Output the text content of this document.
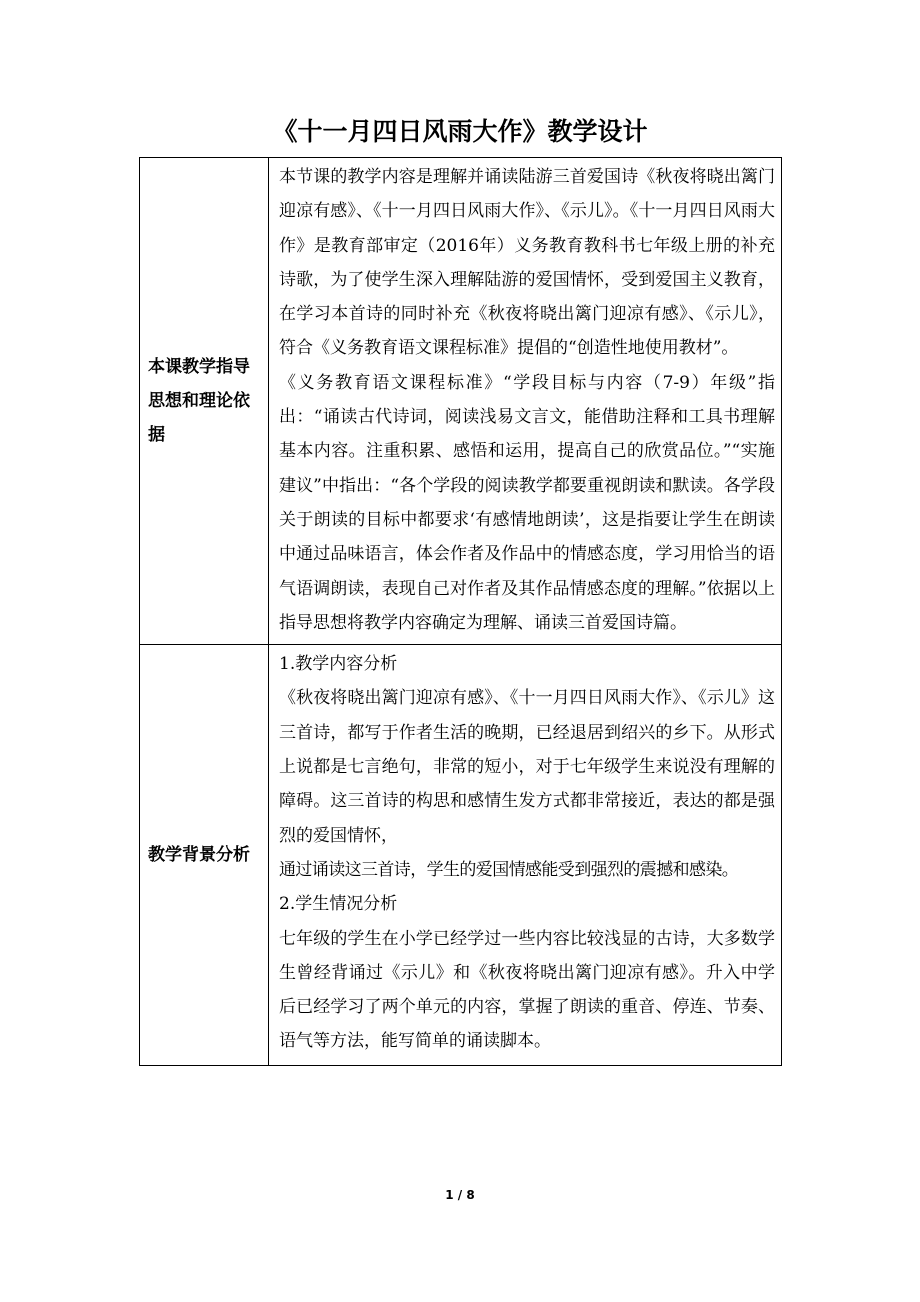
《十一月四日风雨大作》教学设计
本课教学指导思想和理论依据	本节课的教学内容是理解并诵读陆游三首爱国诗《秋夜将晓出篱门迎凉有感》、《十一月四日风雨大作》、《示儿》。《十一月四日风雨大作》是教育部审定（2016年）义务教育教科书七年级上册的补充诗歌，为了使学生深入理解陆游的爱国情怀，受到爱国主义教育，在学习本首诗的同时补充《秋夜将晓出篱门迎凉有感》、《示儿》，符合《义务教育语文课程标准》提倡的“创造性地使用教材”。
《义务教育语文课程标准》“学段目标与内容（7-9）年级”指出：“诵读古代诗词，阅读浅易文言文，能借助注释和工具书理解基本内容。注重积累、感悟和运用，提高自己的欣赏品位。”“实施建议”中指出：“各个学段的阅读教学都要重视朗读和默读。各学段关于朗读的目标中都要求‘有感情地朗读’，这是指要让学生在朗读中通过品味语言，体会作者及作品中的情感态度，学习用恰当的语气语调朗读，表现自己对作者及其作品情感态度的理解。”依据以上指导思想将教学内容确定为理解、诵读三首爱国诗篇。

教学背景分析	1.教学内容分析
《秋夜将晓出篱门迎凉有感》、《十一月四日风雨大作》、《示儿》这三首诗，都写于作者生活的晚期，已经退居到绍兴的乡下。从形式上说都是七言绝句，非常的短小，对于七年级学生来说没有理解的障碍。这三首诗的构思和感情生发方式都非常接近，表达的都是强烈的爱国情怀，
通过诵读这三首诗，学生的爱国情感能受到强烈的震撼和感染。
2.学生情况分析
七年级的学生在小学已经学过一些内容比较浅显的古诗，大多数学生曾经背诵过《示儿》和《秋夜将晓出篱门迎凉有感》。升入中学后已经学习了两个单元的内容，掌握了朗读的重音、停连、节奏、语气等方法，能写简单的诵读脚本。
1 / 8
